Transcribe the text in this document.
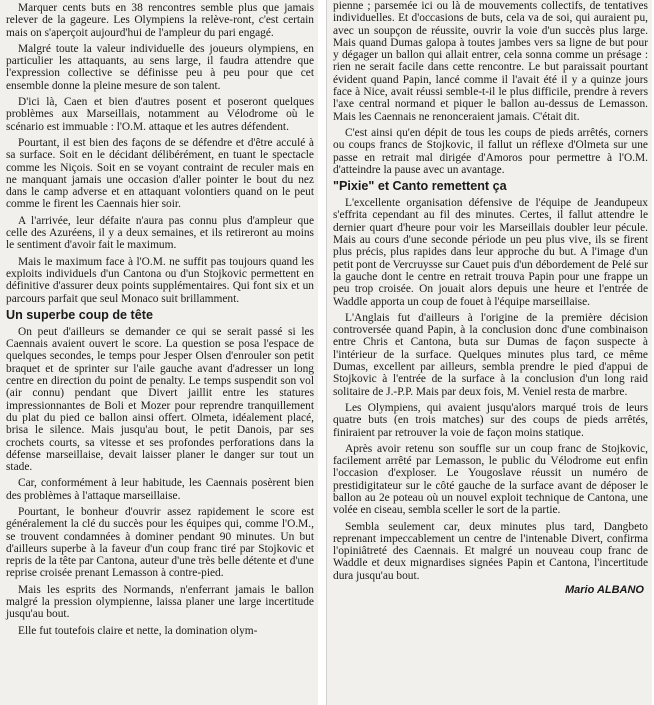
Marquer cents buts en 38 rencontres semble plus que jamais relever de la gageure. Les Olympiens la relève-ront, c'est certain mais on s'aperçoit aujourd'hui de l'ampleur du pari engagé.

Malgré toute la valeur individuelle des joueurs olympiens, en particulier les attaquants, au sens large, il faudra attendre que l'expression collective se définisse peu à peu pour que cet ensemble donne la pleine mesure de son talent.

D'ici là, Caen et bien d'autres posent et poseront quelques problèmes aux Marseillais, notamment au Vélodrome où le scénario est immuable : l'O.M. attaque et les autres défendent.

Pourtant, il est bien des façons de se défendre et d'être acculé à sa surface. Soit en le décidant délibérément, en tuant le spectacle comme les Niçois. Soit en se voyant contraint de reculer mais en ne manquant jamais une occasion d'aller pointer le bout du nez dans le camp adverse et en attaquant volontiers quand on le peut comme le firent les Caennais hier soir.

A l'arrivée, leur défaite n'aura pas connu plus d'ampleur que celle des Azuréens, il y a deux semaines, et ils retireront au moins le sentiment d'avoir fait le maximum.

Mais le maximum face à l'O.M. ne suffit pas toujours quand les exploits individuels d'un Cantona ou d'un Stojkovic permettent en définitive d'assurer deux points supplémentaires. Qui font six et un parcours parfait que seul Monaco suit brillamment.

Un superbe coup de tête

On peut d'ailleurs se demander ce qui se serait passé si les Caennais avaient ouvert le score. La question se posa l'espace de quelques secondes, le temps pour Jesper Olsen d'enrouler son petit braquet et de sprinter sur l'aile gauche avant d'adresser un long centre en direction du point de penalty. Le temps suspendit son vol (air connu) pendant que Divert jaillit entre les statures impressionnantes de Boli et Mozer pour reprendre tranquillement du plat du pied ce ballon ainsi offert. Olmeta, idéalement placé, brisa le silence. Mais jusqu'au bout, le petit Danois, par ses crochets courts, sa vitesse et ses profondes perforations dans la défense marseillaise, devait laisser planer le danger sur tout un stade.

Car, conformément à leur habitude, les Caennais posèrent bien des problèmes à l'attaque marseillaise.

Pourtant, le bonheur d'ouvrir assez rapidement le score est généralement la clé du succès pour les équipes qui, comme l'O.M., se trouvent condamnées à dominer pendant 90 minutes. Un but d'ailleurs superbe à la faveur d'un coup franc tiré par Stojkovic et repris de la tête par Cantona, auteur d'une très belle détente et d'une reprise croisée prenant Lemasson à contre-pied.

Mais les esprits des Normands, n'enferrant jamais le ballon malgré la pression olympienne, laissa planer une large incertitude jusqu'au bout.

Elle fut toutefois claire et nette, la domination olym-

pienne ; parsemée ici ou là de mouvements collectifs, de tentatives individuelles. Et d'occasions de buts, cela va de soi, qui auraient pu, avec un soupçon de réussite, ouvrir la voie d'un succès plus large. Mais quand Dumas galopa à toutes jambes vers sa ligne de but pour y dégager un ballon qui allait entrer, cela sonna comme un présage : rien ne serait facile dans cette rencontre. Le but paraissait pourtant évident quand Papin, lancé comme il l'avait été il y a quinze jours face à Nice, avait réussi semble-t-il le plus difficile, prendre à revers l'axe central normand et piquer le ballon au-dessus de Lemasson. Mais les Caennais ne renonceraient jamais. C'était dit.

C'est ainsi qu'en dépit de tous les coups de pieds arrêtés, corners ou coups francs de Stojkovic, il fallut un réflexe d'Olmeta sur une passe en retrait mal dirigée d'Amoros pour permettre à l'O.M. d'atteindre la pause avec un avantage.

"Pixie" et Canto remettent ça

L'excellente organisation défensive de l'équipe de Jeandupeux s'effrita cependant au fil des minutes. Certes, il fallut attendre le dernier quart d'heure pour voir les Marseillais doubler leur pécule. Mais au cours d'une seconde période un peu plus vive, ils se firent plus précis, plus rapides dans leur approche du but. A l'image d'un petit pont de Vercruysse sur Cauet puis d'un débordement de Pelé sur la gauche dont le centre en retrait trouva Papin pour une frappe un peu trop croisée. On jouait alors depuis une heure et l'entrée de Waddle apporta un coup de fouet à l'équipe marseillaise.

L'Anglais fut d'ailleurs à l'origine de la première décision controversée quand Papin, à la conclusion donc d'une combinaison entre Chris et Cantona, buta sur Dumas de façon suspecte à l'intérieur de la surface. Quelques minutes plus tard, ce même Dumas, excellent par ailleurs, sembla prendre le pied d'appui de Stojkovic à l'entrée de la surface à la conclusion d'un long raid solitaire de J.-P.P. Mais par deux fois, M. Veniel resta de marbre.

Les Olympiens, qui avaient jusqu'alors marqué trois de leurs quatre buts (en trois matches) sur des coups de pieds arrêtés, finiraient par retrouver la voie de façon moins statique.

Après avoir retenu son souffle sur un coup franc de Stojkovic, facilement arrêté par Lemasson, le public du Vélodrome eut enfin l'occasion d'exploser. Le Yougoslave réussit un numéro de prestidigitateur sur le côté gauche de la surface avant de déposer le ballon au 2e poteau où un nouvel exploit technique de Cantona, une volée en ciseau, sembla sceller le sort de la partie.

Sembla seulement car, deux minutes plus tard, Dangbeto reprenant impeccablement un centre de l'intenable Divert, confirma l'opiniâtreté des Caennais. Et malgré un nouveau coup franc de Waddle et deux mignardises signées Papin et Cantona, l'incertitude dura jusqu'au bout.

Mario ALBANO
